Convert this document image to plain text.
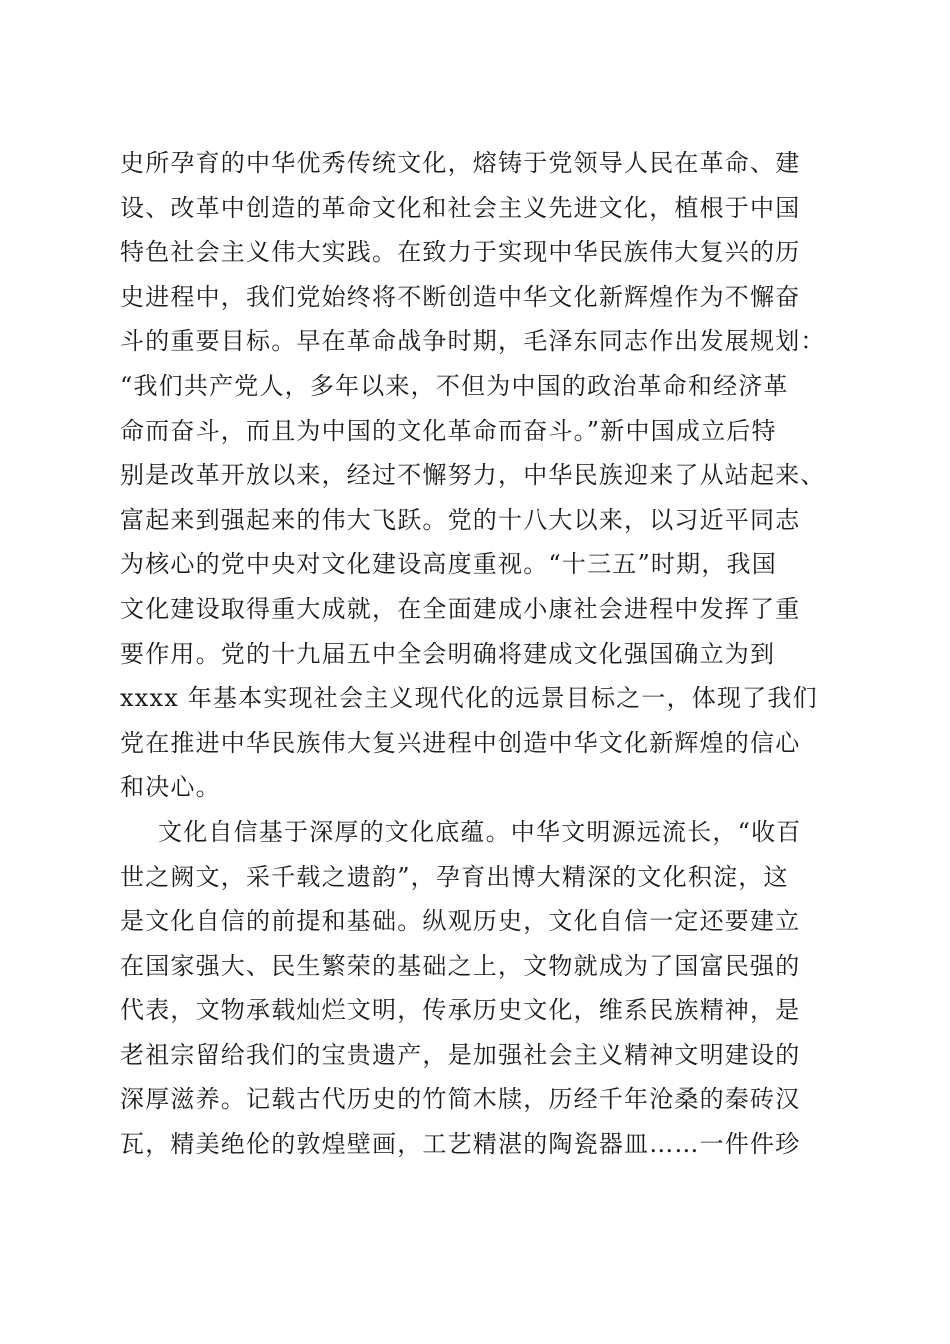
史所孕育的中华优秀传统文化，熔铸于党领导人民在革命、建
设、改革中创造的革命文化和社会主义先进文化，植根于中国
特色社会主义伟大实践。在致力于实现中华民族伟大复兴的历
史进程中，我们党始终将不断创造中华文化新辉煌作为不懈奋
斗的重要目标。早在革命战争时期，毛泽东同志作出发展规划：
“我们共产党人，多年以来，不但为中国的政治革命和经济革
命而奋斗，而且为中国的文化革命而奋斗。”新中国成立后特
别是改革开放以来，经过不懈努力，中华民族迎来了从站起来、
富起来到强起来的伟大飞跃。党的十八大以来，以习近平同志
为核心的党中央对文化建设高度重视。“十三五”时期，我国
文化建设取得重大成就，在全面建成小康社会进程中发挥了重
要作用。党的十九届五中全会明确将建成文化强国确立为到
xxxx 年基本实现社会主义现代化的远景目标之一，体现了我们
党在推进中华民族伟大复兴进程中创造中华文化新辉煌的信心
和决心。
文化自信基于深厚的文化底蕴。中华文明源远流长，“收百
世之阙文，采千载之遗韵”，孕育出博大精深的文化积淀，这
是文化自信的前提和基础。纵观历史，文化自信一定还要建立
在国家强大、民生繁荣的基础之上，文物就成为了国富民强的
代表，文物承载灿烂文明，传承历史文化，维系民族精神，是
老祖宗留给我们的宝贵遗产，是加强社会主义精神文明建设的
深厚滋养。记载古代历史的竹简木牍，历经千年沧桑的秦砖汉
瓦，精美绝伦的敦煌壁画，工艺精湛的陶瓷器皿……一件件珍
